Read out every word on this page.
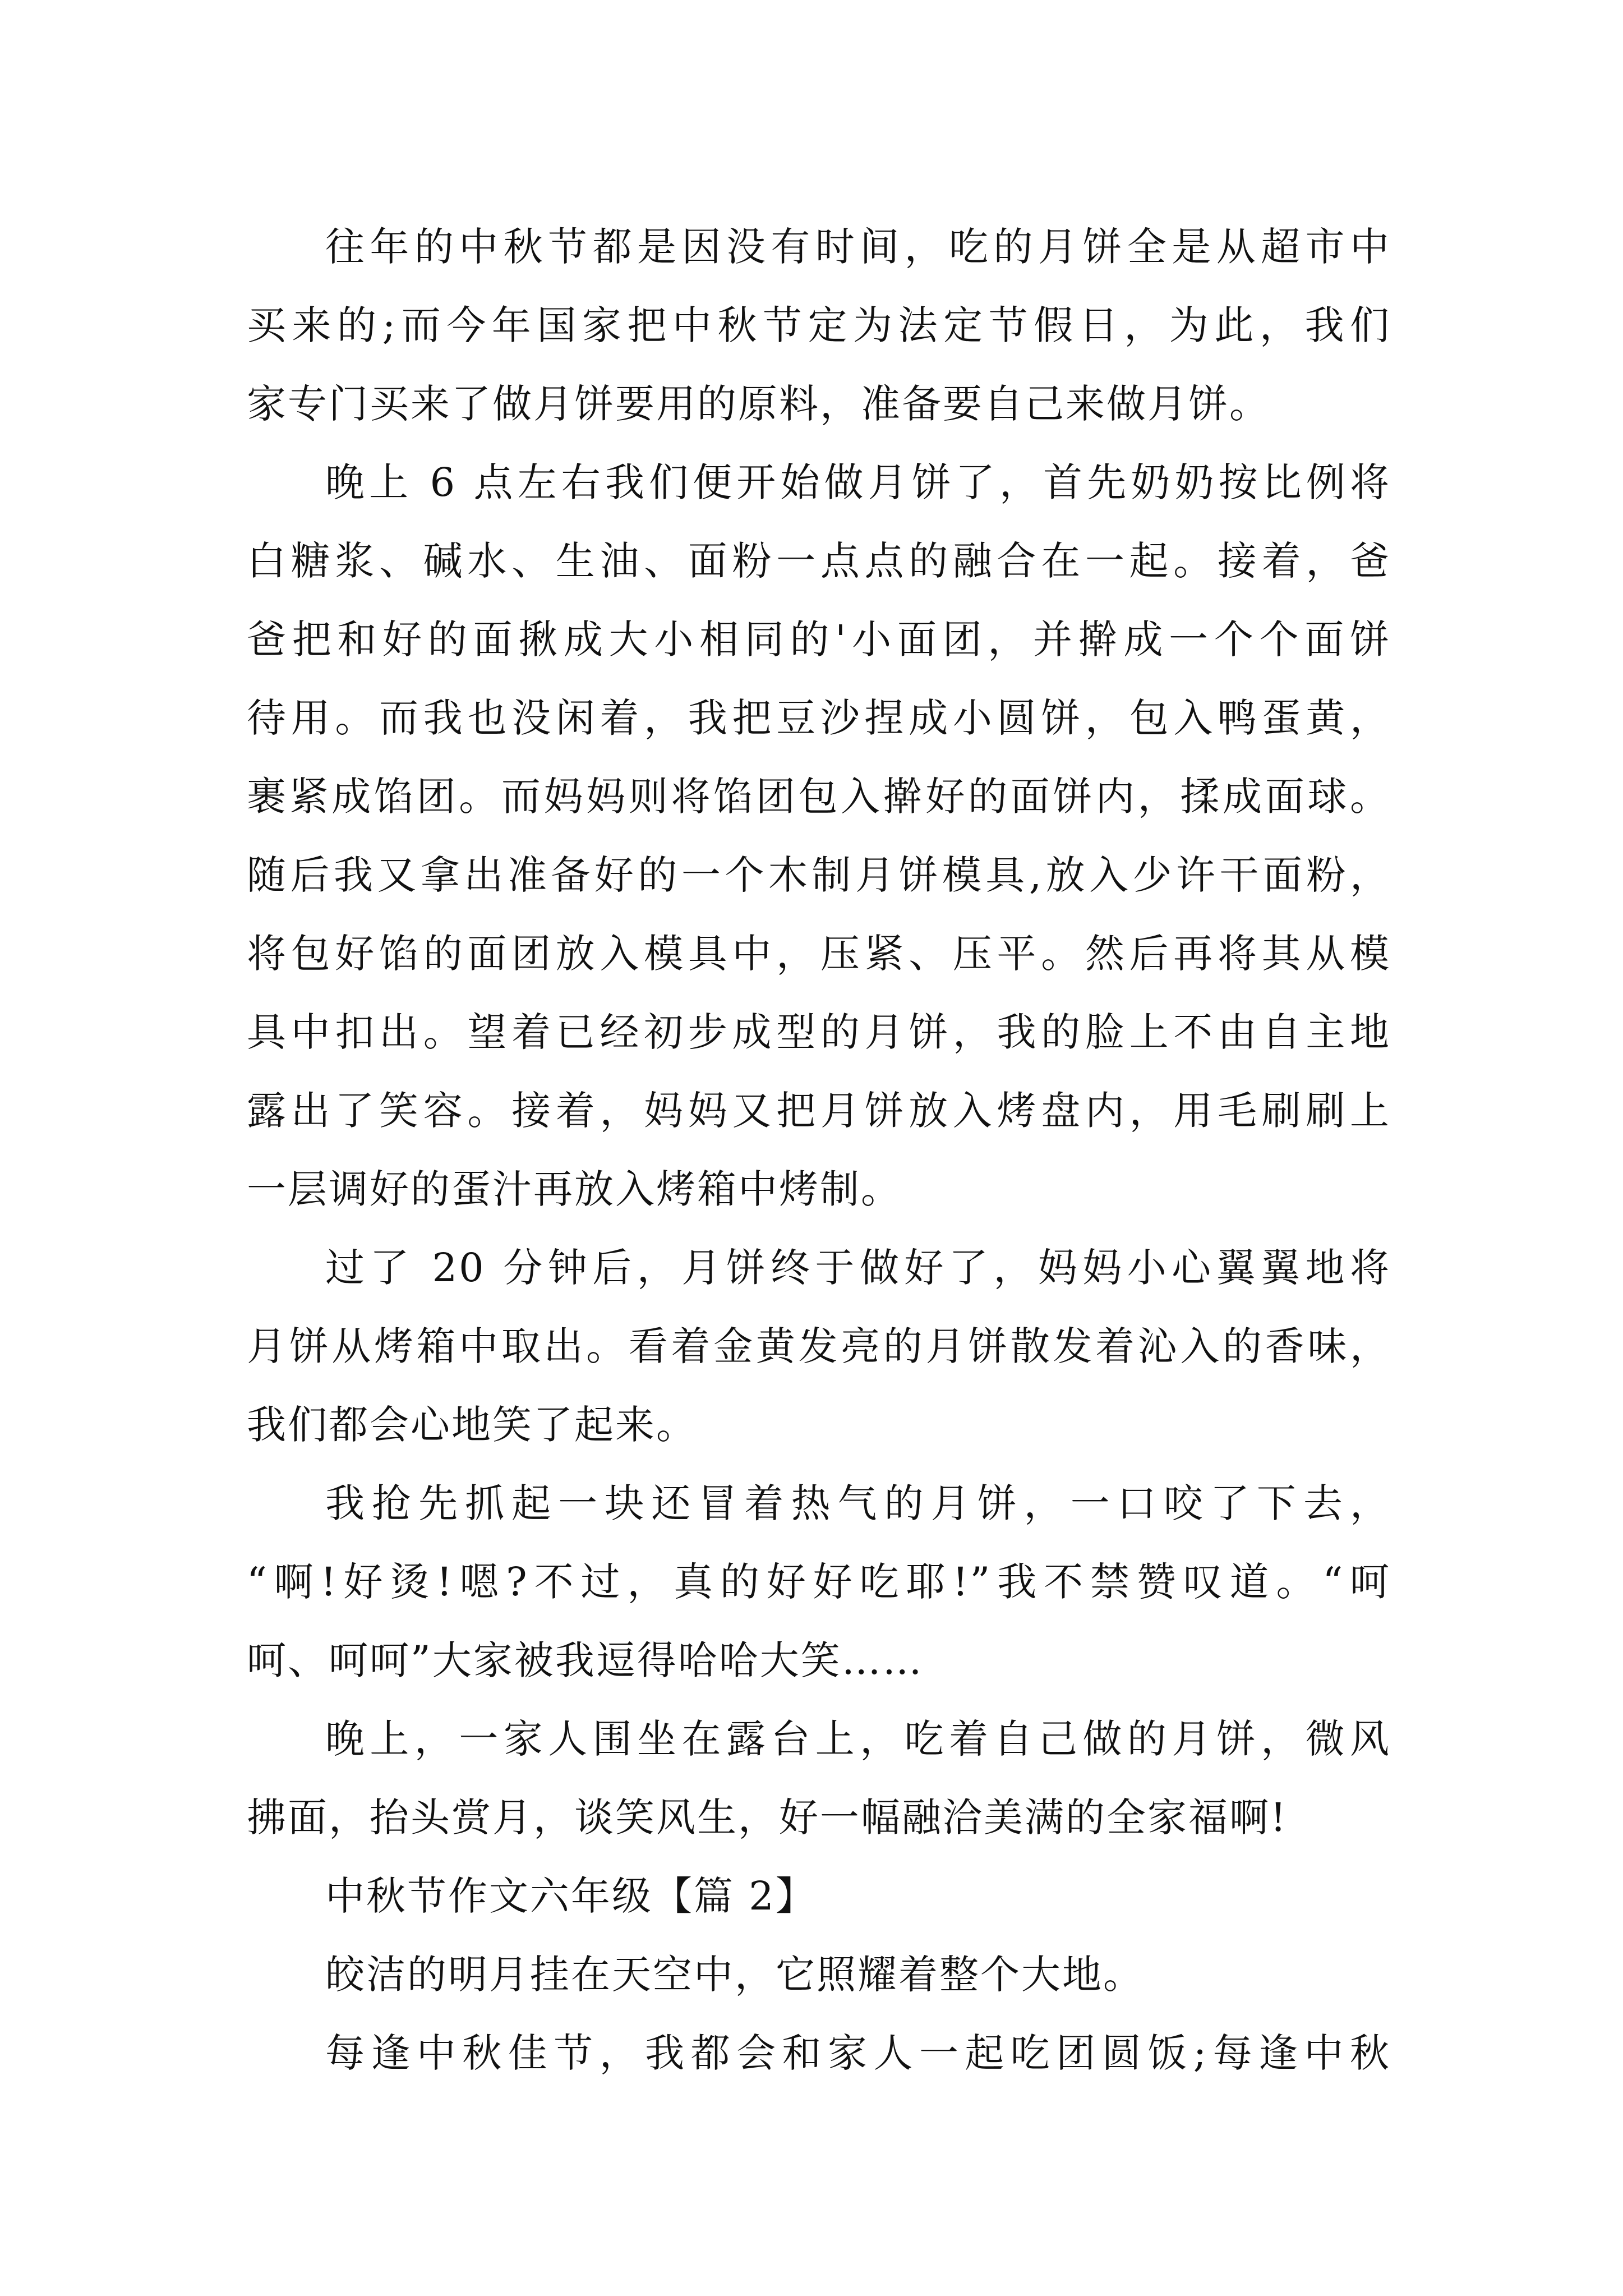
往年的中秋节都是因没有时间，吃的月饼全是从超市中
买来的;而今年国家把中秋节定为法定节假日，为此，我们
家专门买来了做月饼要用的原料，准备要自己来做月饼。
晚上 6 点左右我们便开始做月饼了，首先奶奶按比例将
白糖浆、碱水、生油、面粉一点点的融合在一起。接着，爸
爸把和好的面揪成大小相同的'小面团，并擀成一个个面饼
待用。而我也没闲着，我把豆沙捏成小圆饼，包入鸭蛋黄，
裹紧成馅团。而妈妈则将馅团包入擀好的面饼内，揉成面球。
随后我又拿出准备好的一个木制月饼模具,放入少许干面粉，
将包好馅的面团放入模具中，压紧、压平。然后再将其从模
具中扣出。望着已经初步成型的月饼，我的脸上不由自主地
露出了笑容。接着，妈妈又把月饼放入烤盘内，用毛刷刷上
一层调好的蛋汁再放入烤箱中烤制。
过了 20 分钟后，月饼终于做好了，妈妈小心翼翼地将
月饼从烤箱中取出。看着金黄发亮的月饼散发着沁入的香味，
我们都会心地笑了起来。
我抢先抓起一块还冒着热气的月饼，一口咬了下去，
“啊!好烫!嗯?不过，真的好好吃耶!”我不禁赞叹道。“呵
呵、呵呵”大家被我逗得哈哈大笑……
晚上，一家人围坐在露台上，吃着自己做的月饼，微风
拂面，抬头赏月，谈笑风生，好一幅融洽美满的全家福啊!
中秋节作文六年级【篇 2】
皎洁的明月挂在天空中，它照耀着整个大地。
每逢中秋佳节，我都会和家人一起吃团圆饭;每逢中秋
